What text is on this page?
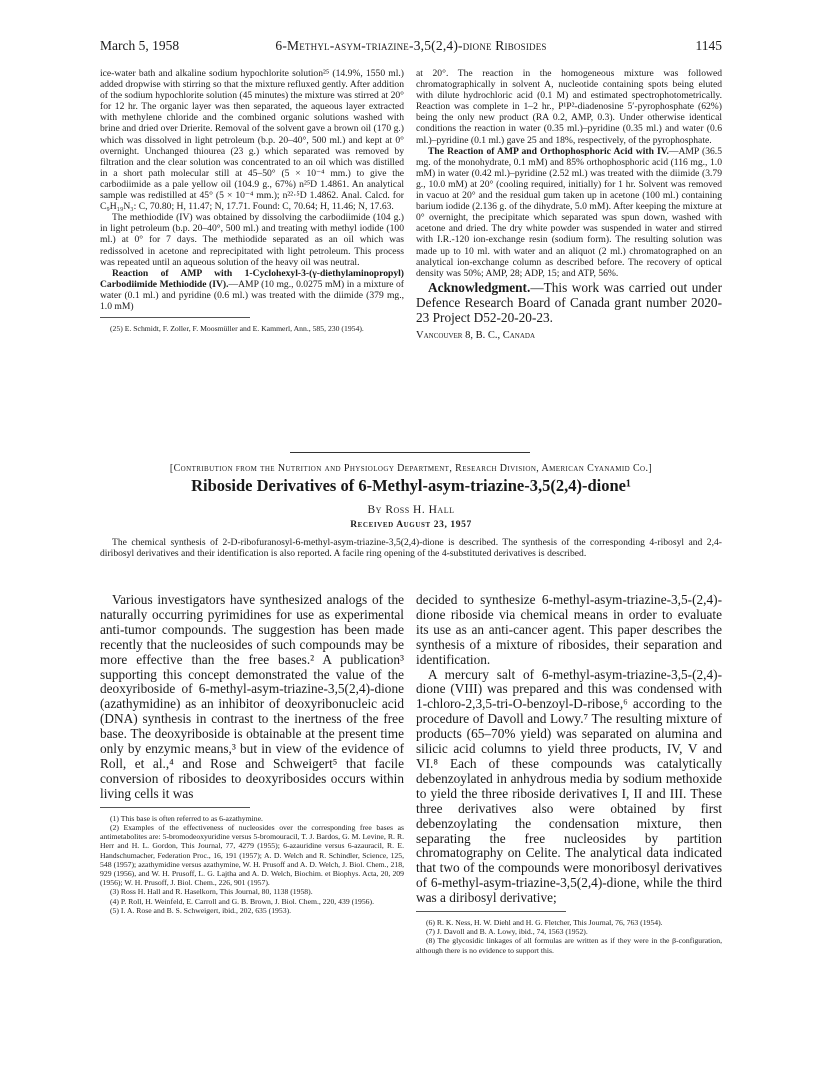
March 5, 1958	6-Methyl-asym-triazine-3,5(2,4)-dione Ribosides	1145

ice-water bath and alkaline sodium hypochlorite solution²⁵ (14.9%, 1550 ml.) added dropwise with stirring so that the mixture refluxed gently. After addition of the sodium hypochlorite solution (45 minutes) the mixture was stirred at 20° for 12 hr. The organic layer was then separated, the aqueous layer extracted with methylene chloride and the combined organic solutions washed with brine and dried over Drierite. Removal of the solvent gave a brown oil (170 g.) which was dissolved in light petroleum (b.p. 20–40°, 500 ml.) and kept at 0° overnight. Unchanged thiourea (23 g.) which separated was removed by filtration and the clear solution was concentrated to an oil which was distilled in a short path molecular still at 45–50° (5 × 10⁻⁴ mm.) to give the carbodiimide as a pale yellow oil (104.9 g., 67%) n²⁵D 1.4861. An analytical sample was redistilled at 45° (5 × 10⁻⁴ mm.); n²²·⁵D 1.4862. Anal. Calcd. for C₉H₁₉N₃: C, 70.80; H, 11.47; N, 17.71. Found: C, 70.64; H, 11.46; N, 17.63.

The methiodide (IV) was obtained by dissolving the carbodiimide (104 g.) in light petroleum (b.p. 20–40°, 500 ml.) and treating with methyl iodide (100 ml.) at 0° for 7 days. The methiodide separated as an oil which was redissolved in acetone and reprecipitated with light petroleum. This process was repeated until an aqueous solution of the heavy oil was neutral.

Reaction of AMP with 1-Cyclohexyl-3-(γ-diethylaminopropyl) Carbodiimide Methiodide (IV).—AMP (10 mg., 0.0275 mM) in a mixture of water (0.1 ml.) and pyridine (0.6 ml.) was treated with the diimide (379 mg., 1.0 mM)

(25) E. Schmidt, F. Zoller, F. Moosmüller and E. Kammerl, Ann., 585, 230 (1954).

at 20°. The reaction in the homogeneous mixture was followed chromatographically in solvent A, nucleotide containing spots being eluted with dilute hydrochloric acid (0.1 M) and estimated spectrophotometrically. Reaction was complete in 1–2 hr., P¹P²-diadenosine 5′-pyrophosphate (62%) being the only new product (RA 0.2, AMP, 0.3). Under otherwise identical conditions the reaction in water (0.35 ml.)–pyridine (0.35 ml.) and water (0.6 ml.)–pyridine (0.1 ml.) gave 25 and 18%, respectively, of the pyrophosphate.

The Reaction of AMP and Orthophosphoric Acid with IV.—AMP (36.5 mg. of the monohydrate, 0.1 mM) and 85% orthophosphoric acid (116 mg., 1.0 mM) in water (0.42 ml.)–pyridine (2.52 ml.) was treated with the diimide (3.79 g., 10.0 mM) at 20° (cooling required, initially) for 1 hr. Solvent was removed in vacuo at 20° and the residual gum taken up in acetone (100 ml.) containing barium iodide (2.136 g. of the dihydrate, 5.0 mM). After keeping the mixture at 0° overnight, the precipitate which separated was spun down, washed with acetone and dried. The dry white powder was suspended in water and stirred with I.R.-120 ion-exchange resin (sodium form). The resulting solution was made up to 10 ml. with water and an aliquot (2 ml.) chromatographed on an analytical ion-exchange column as described before. The recovery of optical density was 50%; AMP, 28; ADP, 15; and ATP, 56%.

Acknowledgment.—This work was carried out under Defence Research Board of Canada grant number 2020-23 Project D52-20-20-23.

Vancouver 8, B. C., Canada

[Contribution from the Nutrition and Physiology Department, Research Division, American Cyanamid Co.]
Riboside Derivatives of 6-Methyl-asym-triazine-3,5(2,4)-dione¹
By Ross H. Hall
Received August 23, 1957
The chemical synthesis of 2-D-ribofuranosyl-6-methyl-asym-triazine-3,5(2,4)-dione is described. The synthesis of the corresponding 4-ribosyl and 2,4-diribosyl derivatives and their identification is also reported. A facile ring opening of the 4-substituted derivatives is described.

Various investigators have synthesized analogs of the naturally occurring pyrimidines for use as experimental anti-tumor compounds. The suggestion has been made recently that the nucleosides of such compounds may be more effective than the free bases.² A publication³ supporting this concept demonstrated the value of the deoxyriboside of 6-methyl-asym-triazine-3,5(2,4)-dione (azathymidine) as an inhibitor of deoxyribonucleic acid (DNA) synthesis in contrast to the inertness of the free base. The deoxyriboside is obtainable at the present time only by enzymic means,³ but in view of the evidence of Roll, et al.,⁴ and Rose and Schweigert⁵ that facile conversion of ribosides to deoxyribosides occurs within living cells it was

(1) This base is often referred to as 6-azathymine.

(2) Examples of the effectiveness of nucleosides over the corresponding free bases as antimetabolites are: 5-bromodeoxyuridine versus 5-bromouracil, T. J. Bardos, G. M. Levine, R. R. Herr and H. L. Gordon, This Journal, 77, 4279 (1955); 6-azauridine versus 6-azauracil, R. E. Handschumacher, Federation Proc., 16, 191 (1957); A. D. Welch and R. Schindler, Science, 125, 548 (1957); azathymidine versus azathymine, W. H. Prusoff and A. D. Welch, J. Biol. Chem., 218, 929 (1956), and W. H. Prusoff, L. G. Lajtha and A. D. Welch, Biochim. et Biophys. Acta, 20, 209 (1956); W. H. Prusoff, J. Biol. Chem., 226, 901 (1957).

(3) Ross H. Hall and R. Haselkorn, This Journal, 80, 1138 (1958).

(4) P. Roll, H. Weinfeld, E. Carroll and G. B. Brown, J. Biol. Chem., 220, 439 (1956).

(5) I. A. Rose and B. S. Schweigert, ibid., 202, 635 (1953).

decided to synthesize 6-methyl-asym-triazine-3,5-(2,4)-dione riboside via chemical means in order to evaluate its use as an anti-cancer agent. This paper describes the synthesis of a mixture of ribosides, their separation and identification.

A mercury salt of 6-methyl-asym-triazine-3,5-(2,4)-dione (VIII) was prepared and this was condensed with 1-chloro-2,3,5-tri-O-benzoyl-D-ribose,⁶ according to the procedure of Davoll and Lowy.⁷ The resulting mixture of products (65–70% yield) was separated on alumina and silicic acid columns to yield three products, IV, V and VI.⁸ Each of these compounds was catalytically debenzoylated in anhydrous media by sodium methoxide to yield the three riboside derivatives I, II and III. These three derivatives also were obtained by first debenzoylating the condensation mixture, then separating the free nucleosides by partition chromatography on Celite. The analytical data indicated that two of the compounds were monoribosyl derivatives of 6-methyl-asym-triazine-3,5(2,4)-dione, while the third was a diribosyl derivative;

(6) R. K. Ness, H. W. Diehl and H. G. Fletcher, This Journal, 76, 763 (1954).

(7) J. Davoll and B. A. Lowy, ibid., 74, 1563 (1952).

(8) The glycosidic linkages of all formulas are written as if they were in the β-configuration, although there is no evidence to support this.
